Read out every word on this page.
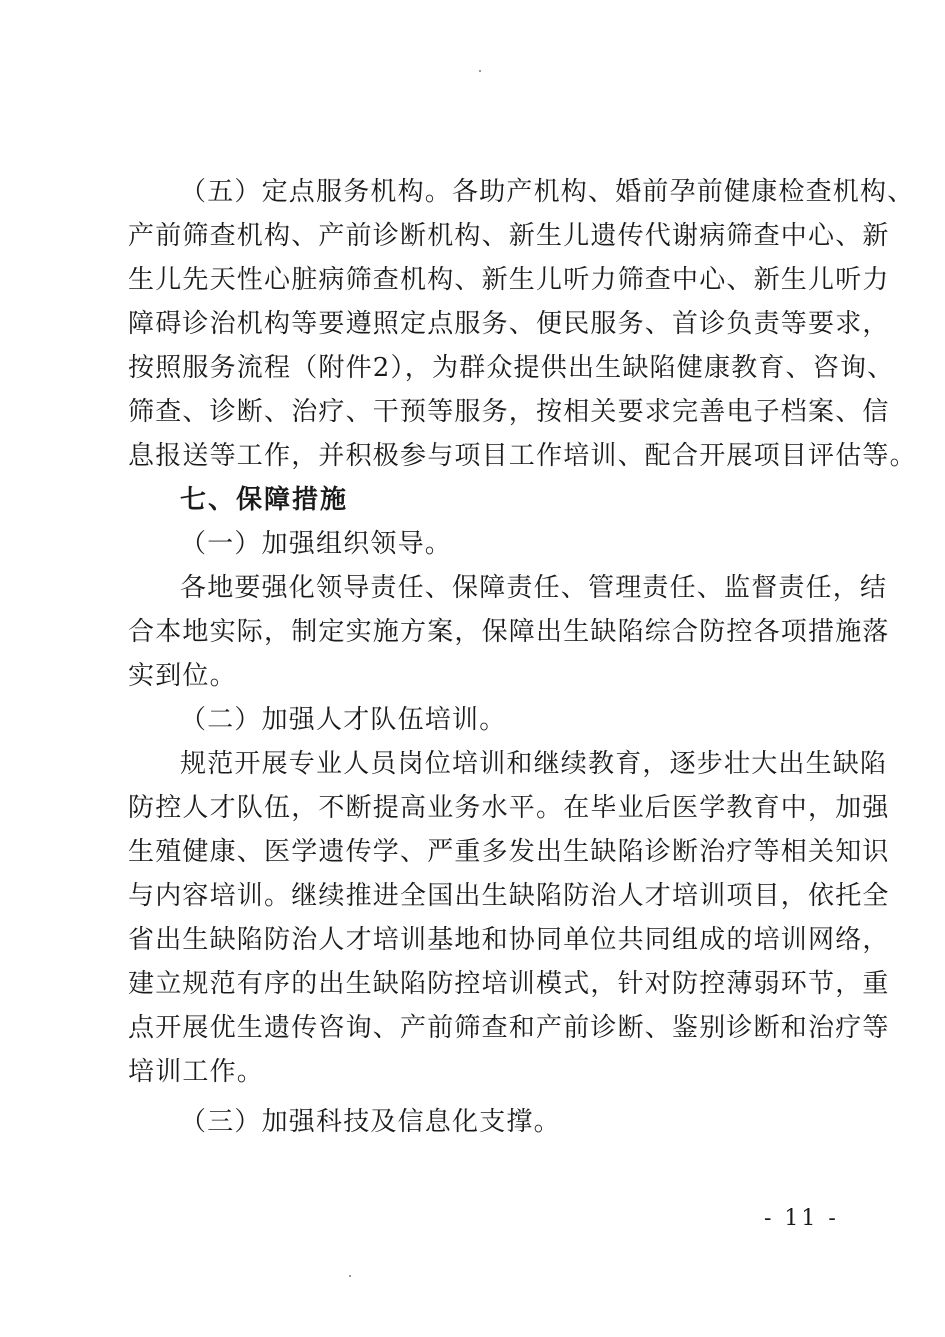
（五）定点服务机构。各助产机构、婚前孕前健康检查机构、
产前筛查机构、产前诊断机构、新生儿遗传代谢病筛查中心、新
生儿先天性心脏病筛查机构、新生儿听力筛查中心、新生儿听力
障碍诊治机构等要遵照定点服务、便民服务、首诊负责等要求，
按照服务流程（附件2），为群众提供出生缺陷健康教育、咨询、
筛查、诊断、治疗、干预等服务，按相关要求完善电子档案、信
息报送等工作，并积极参与项目工作培训、配合开展项目评估等。
七、保障措施
（一）加强组织领导。
各地要强化领导责任、保障责任、管理责任、监督责任，结
合本地实际，制定实施方案，保障出生缺陷综合防控各项措施落
实到位。
（二）加强人才队伍培训。
规范开展专业人员岗位培训和继续教育，逐步壮大出生缺陷
防控人才队伍，不断提高业务水平。在毕业后医学教育中，加强
生殖健康、医学遗传学、严重多发出生缺陷诊断治疗等相关知识
与内容培训。继续推进全国出生缺陷防治人才培训项目，依托全
省出生缺陷防治人才培训基地和协同单位共同组成的培训网络，
建立规范有序的出生缺陷防控培训模式，针对防控薄弱环节，重
点开展优生遗传咨询、产前筛查和产前诊断、鉴别诊断和治疗等
培训工作。
（三）加强科技及信息化支撑。
- 11 -
